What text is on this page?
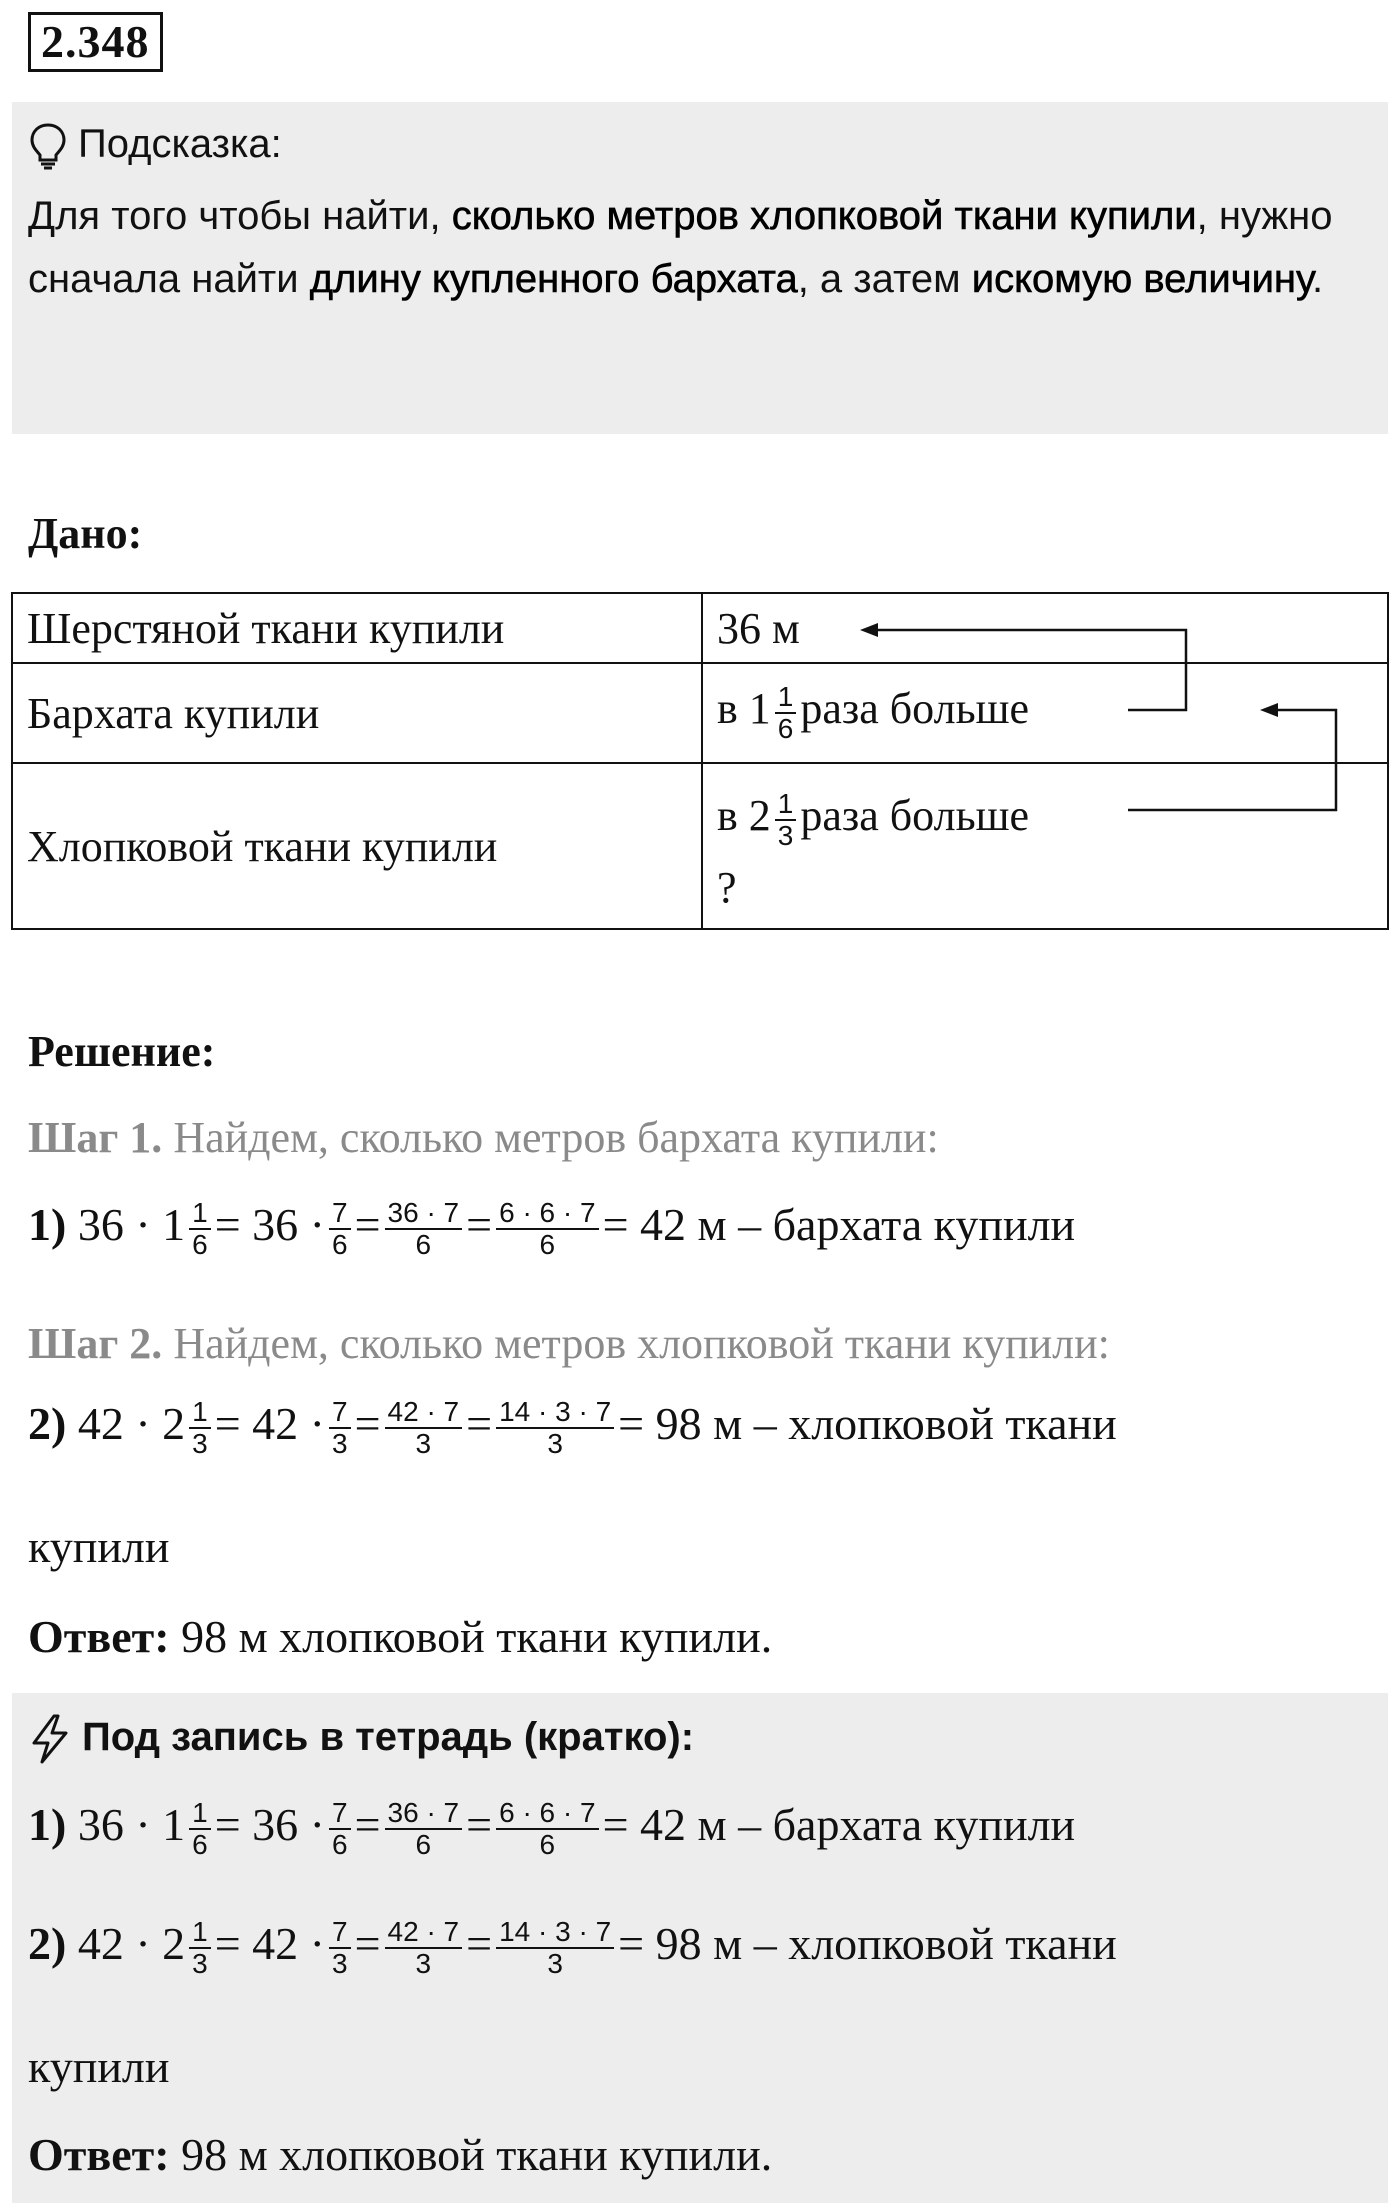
2.348
Подсказка:
Для того чтобы найти, сколько метров хлопковой ткани купили, нужно сначала найти длину купленного бархата, а затем искомую величину.
Дано:
Шерстяной ткани купили	36 м
Бархата купили	в $1 \frac{1}{6}$ раза больше
Хлопковой ткани купили	в $2 \frac{1}{3}$ раза больше
?
Решение:
Шаг 1. Найдем, сколько метров бархата купили:
1) $36 \cdot 1 \frac{1}{6} = 36 \cdot \frac{7}{6} = \frac{36 \cdot 7}{6} = \frac{6 \cdot 6 \cdot 7}{6} = 42$ м – бархата купили
Шаг 2. Найдем, сколько метров хлопковой ткани купили:
2) $42 \cdot 2 \frac{1}{3} = 42 \cdot \frac{7}{3} = \frac{42 \cdot 7}{3} = \frac{14 \cdot 3 \cdot 7}{3} = 98$ м – хлопковой ткани
купили
Ответ: 98 м хлопковой ткани купили.
Под запись в тетрадь (кратко):
1) $36 \cdot 1 \frac{1}{6} = 36 \cdot \frac{7}{6} = \frac{36 \cdot 7}{6} = \frac{6 \cdot 6 \cdot 7}{6} = 42$ м – бархата купили
2) $42 \cdot 2 \frac{1}{3} = 42 \cdot \frac{7}{3} = \frac{42 \cdot 7}{3} = \frac{14 \cdot 3 \cdot 7}{3} = 98$ м – хлопковой ткани
купили
Ответ: 98 м хлопковой ткани купили.
